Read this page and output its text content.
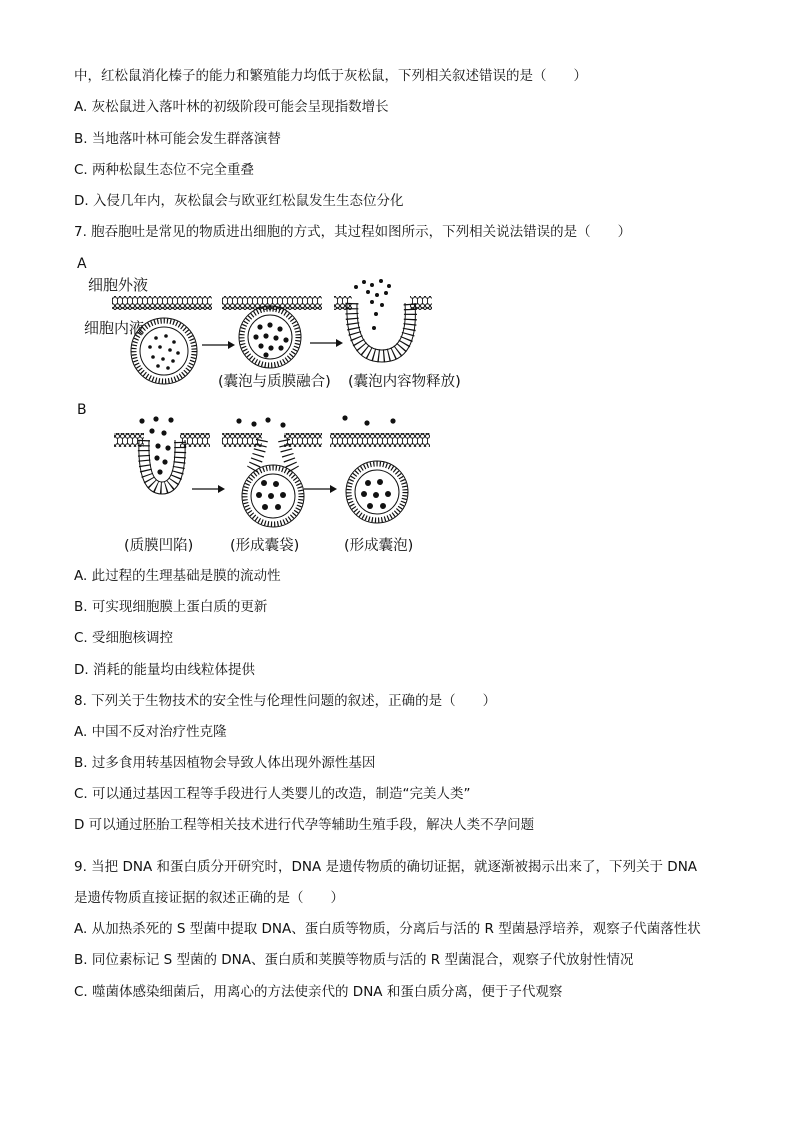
中，红松鼠消化榛子的能力和繁殖能力均低于灰松鼠，下列相关叙述错误的是（　　）
A. 灰松鼠进入落叶林的初级阶段可能会呈现指数增长
B. 当地落叶林可能会发生群落演替
C. 两种松鼠生态位不完全重叠
D. 入侵几年内，灰松鼠会与欧亚红松鼠发生生态位分化
7. 胞吞胞吐是常见的物质进出细胞的方式，其过程如图所示，下列相关说法错误的是（　　）
A
细胞外液
细胞内液
(囊泡与质膜融合) (囊泡内容物释放)
B
(质膜凹陷)	(形成囊袋)	(形成囊泡)
A. 此过程的生理基础是膜的流动性
B. 可实现细胞膜上蛋白质的更新
C. 受细胞核调控
D. 消耗的能量均由线粒体提供
8. 下列关于生物技术的安全性与伦理性问题的叙述，正确的是（　　）
A. 中国不反对治疗性克隆
B. 过多食用转基因植物会导致人体出现外源性基因
C. 可以通过基因工程等手段进行人类婴儿的改造，制造“完美人类”
D 可以通过胚胎工程等相关技术进行代孕等辅助生殖手段，解决人类不孕问题
9. 当把 DNA 和蛋白质分开研究时，DNA 是遗传物质的确切证据，就逐渐被揭示出来了，下列关于 DNA
是遗传物质直接证据的叙述正确的是（　　）
A. 从加热杀死的 S 型菌中提取 DNA、蛋白质等物质，分离后与活的 R 型菌悬浮培养，观察子代菌落性状
B. 同位素标记 S 型菌的 DNA、蛋白质和荚膜等物质与活的 R 型菌混合，观察子代放射性情况
C. 噬菌体感染细菌后，用离心的方法使亲代的 DNA 和蛋白质分离，便于子代观察
